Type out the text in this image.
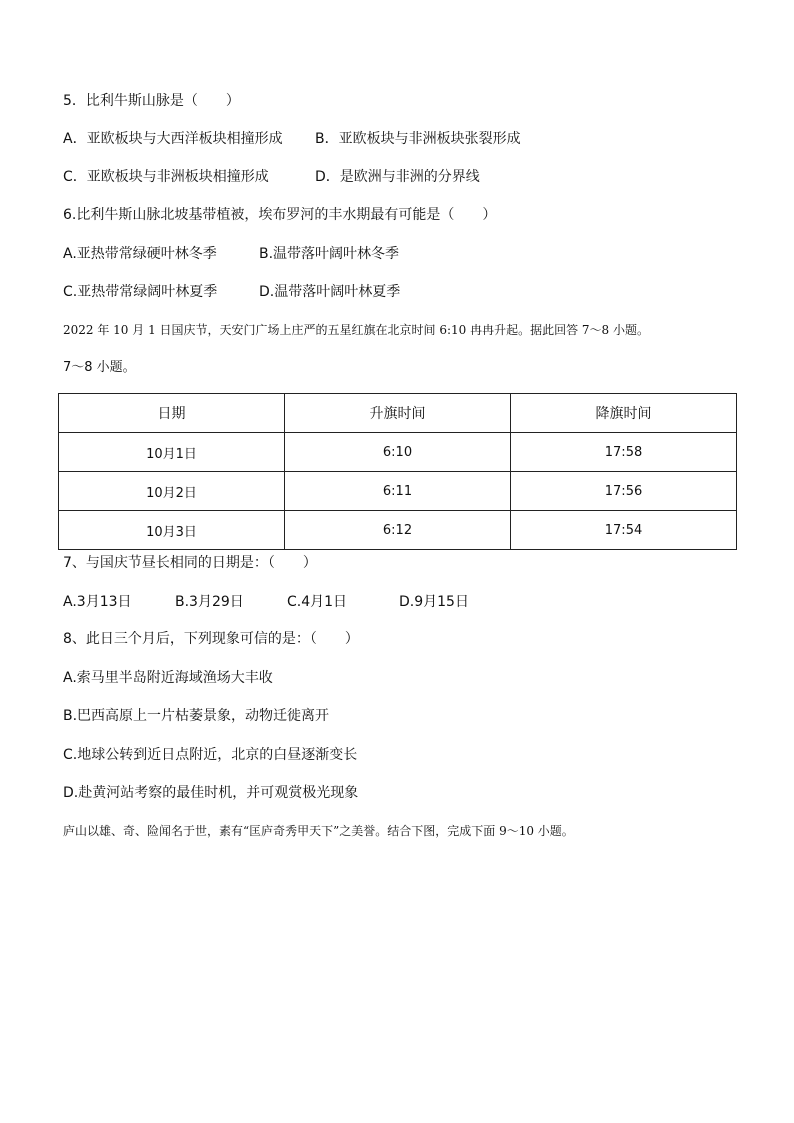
5．比利牛斯山脉是（　　）
A．亚欧板块与大西洋板块相撞形成 B．亚欧板块与非洲板块张裂形成
C．亚欧板块与非洲板块相撞形成	D．是欧洲与非洲的分界线
6.比利牛斯山脉北坡基带植被，埃布罗河的丰水期最有可能是（　　）
A.亚热带常绿硬叶林冬季	B.温带落叶阔叶林冬季
C.亚热带常绿阔叶林夏季	D.温带落叶阔叶林夏季
2022 年 10 月 1 日国庆节，天安门广场上庄严的五星红旗在北京时间 6:10 冉冉升起。据此回答 7～8 小题。
7～8 小题。
日期	升旗时间	降旗时间
10月1日	6:10	17:58
10月2日	6:11	17:56
10月3日	6:12	17:54
7、与国庆节昼长相同的日期是：（　　）
A.3月13日	B.3月29日	C.4月1日	D.9月15日
8、此日三个月后，下列现象可信的是：（　　）
A.索马里半岛附近海域渔场大丰收
B.巴西高原上一片枯萎景象，动物迁徙离开
C.地球公转到近日点附近，北京的白昼逐渐变长
D.赴黄河站考察的最佳时机，并可观赏极光现象
庐山以雄、奇、险闻名于世，素有“匡庐奇秀甲天下”之美誉。结合下图，完成下面 9～10 小题。
